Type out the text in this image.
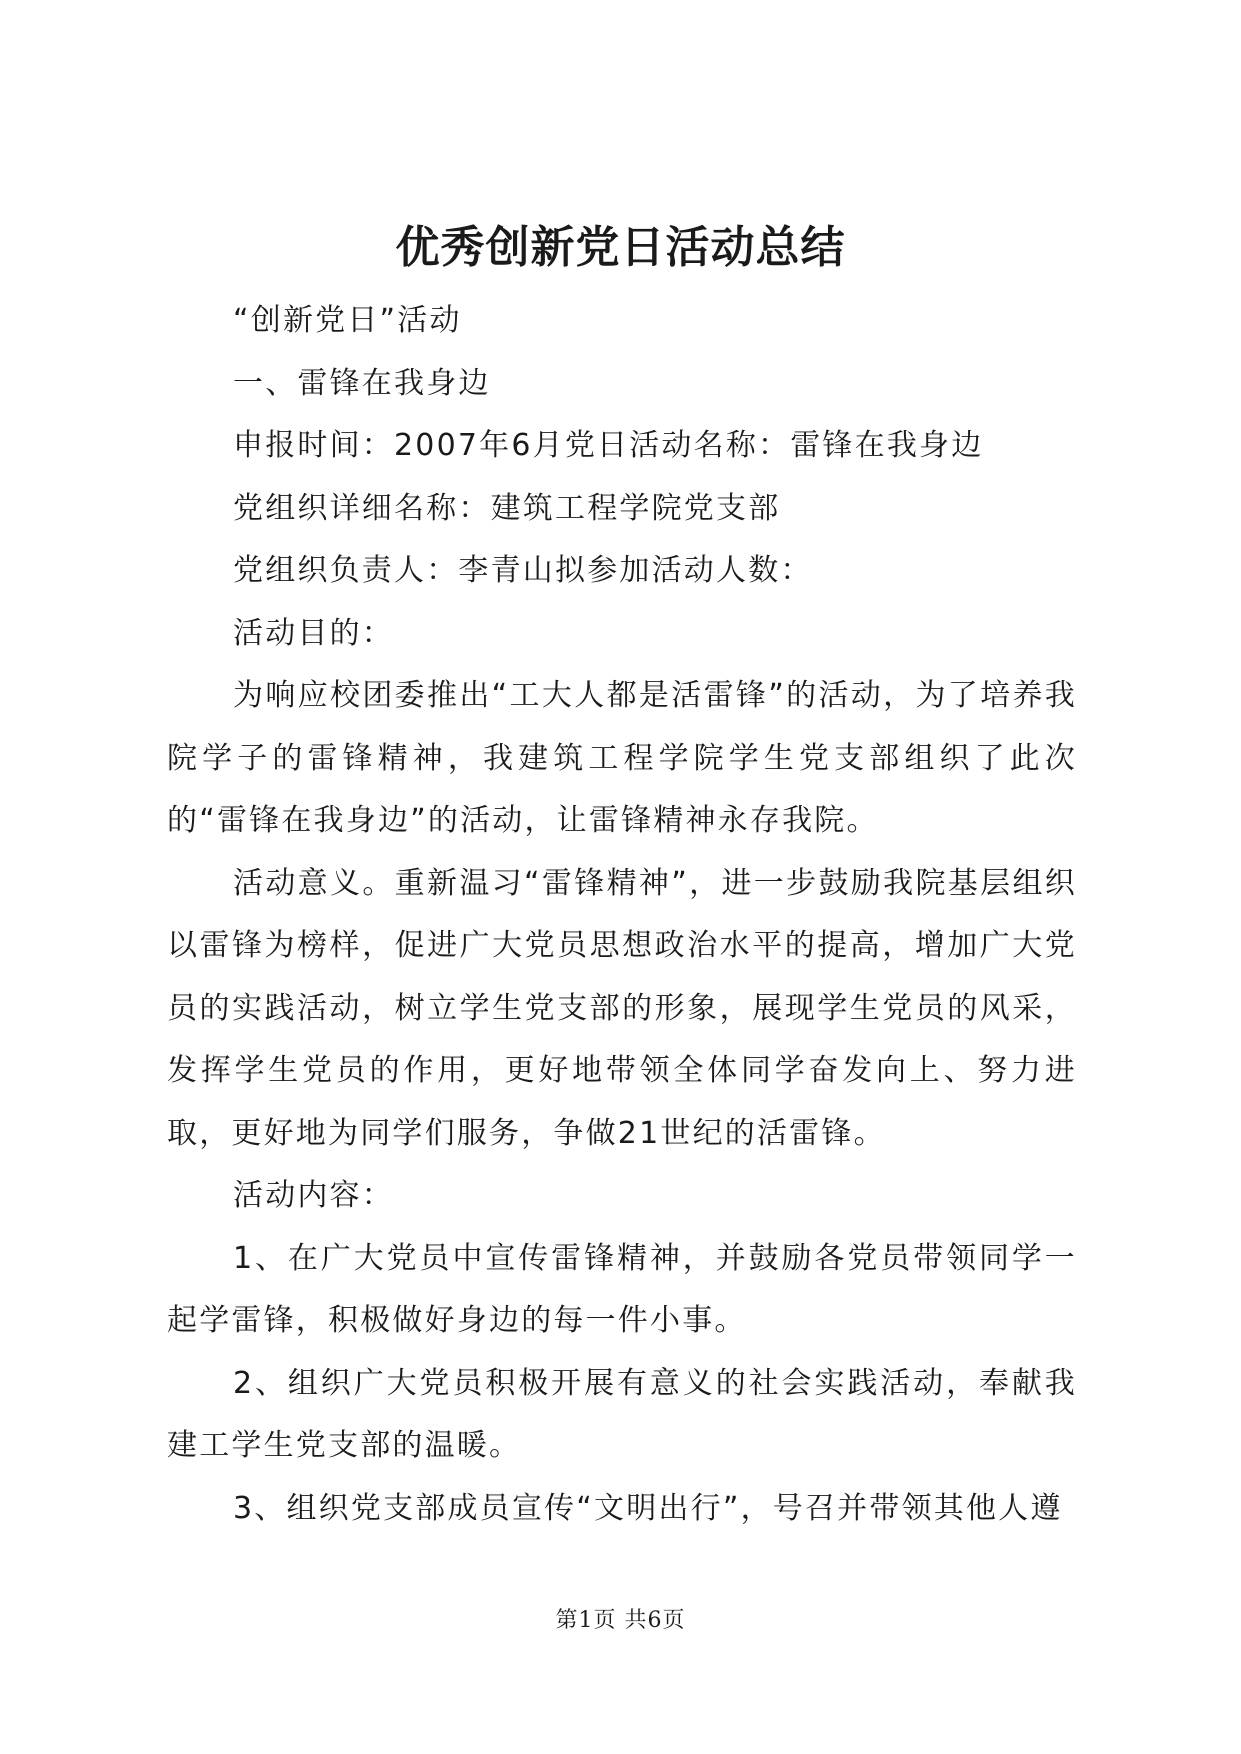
优秀创新党日活动总结

“创新党日”活动

一、雷锋在我身边

申报时间：2007年6月党日活动名称：雷锋在我身边

党组织详细名称：建筑工程学院党支部

党组织负责人：李青山拟参加活动人数：

活动目的：

为响应校团委推出“工大人都是活雷锋”的活动，为了培养我院学子的雷锋精神，我建筑工程学院学生党支部组织了此次的“雷锋在我身边”的活动，让雷锋精神永存我院。

活动意义。重新温习“雷锋精神”，进一步鼓励我院基层组织以雷锋为榜样，促进广大党员思想政治水平的提高，增加广大党员的实践活动，树立学生党支部的形象，展现学生党员的风采，发挥学生党员的作用，更好地带领全体同学奋发向上、努力进取，更好地为同学们服务，争做21世纪的活雷锋。

活动内容：

1、在广大党员中宣传雷锋精神，并鼓励各党员带领同学一起学雷锋，积极做好身边的每一件小事。

2、组织广大党员积极开展有意义的社会实践活动，奉献我建工学生党支部的温暖。

3、组织党支部成员宣传“文明出行”，号召并带领其他人遵

第1页 共6页
